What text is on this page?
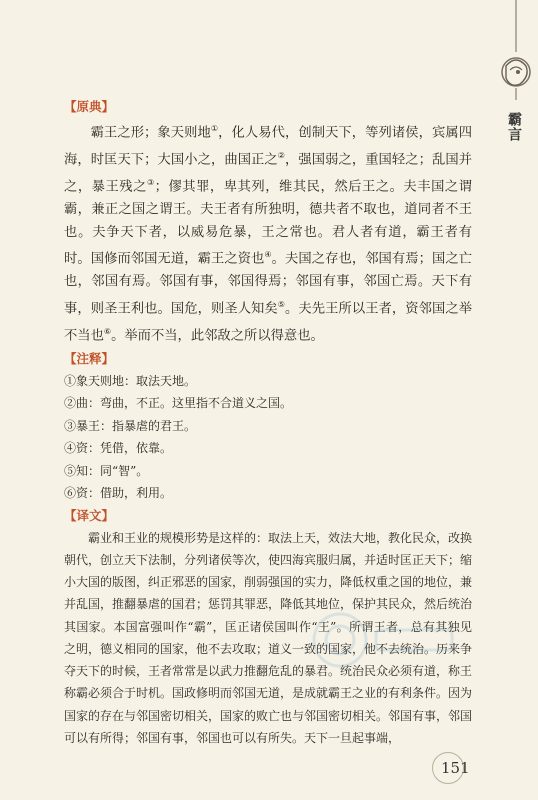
霸言
【原典】

霸王之形；象天则地①，化人易代，创制天下，等列诸侯，宾属四海，时匡天下；大国小之，曲国正之②，强国弱之，重国轻之；乱国并之，暴王残之③；僇其罪，卑其列，维其民，然后王之。夫丰国之谓霸，兼正之国之谓王。夫王者有所独明，德共者不取也，道同者不王也。夫争天下者，以威易危暴，王之常也。君人者有道，霸王者有时。国修而邻国无道，霸王之资也④。夫国之存也，邻国有焉；国之亡也，邻国有焉。邻国有事，邻国得焉；邻国有事，邻国亡焉。天下有事，则圣王利也。国危，则圣人知矣⑤。夫先王所以王者，资邻国之举不当也⑥。举而不当，此邻敌之所以得意也。

【注释】

①象天则地：取法天地。

②曲：弯曲，不正。这里指不合道义之国。

③暴王：指暴虐的君王。

④资：凭借，依靠。

⑤知：同“智”。

⑥资：借助，利用。

【译文】

霸业和王业的规模形势是这样的：取法上天，效法大地，教化民众，改换朝代，创立天下法制，分列诸侯等次，使四海宾服归属，并适时匡正天下；缩小大国的版图，纠正邪恶的国家，削弱强国的实力，降低权重之国的地位，兼并乱国，推翻暴虐的国君；惩罚其罪恶，降低其地位，保护其民众，然后统治其国家。本国富强叫作“霸”，匡正诸侯国叫作“王”。所谓王者，总有其独见之明，德义相同的国家，他不去攻取；道义一致的国家，他不去统治。历来争夺天下的时候，王者常常是以武力推翻危乱的暴君。统治民众必须有道，称王称霸必须合于时机。国政修明而邻国无道，是成就霸王之业的有利条件。因为国家的存在与邻国密切相关，国家的败亡也与邻国密切相关。邻国有事，邻国可以有所得；邻国有事，邻国也可以有所失。天下一旦起事端，

151
